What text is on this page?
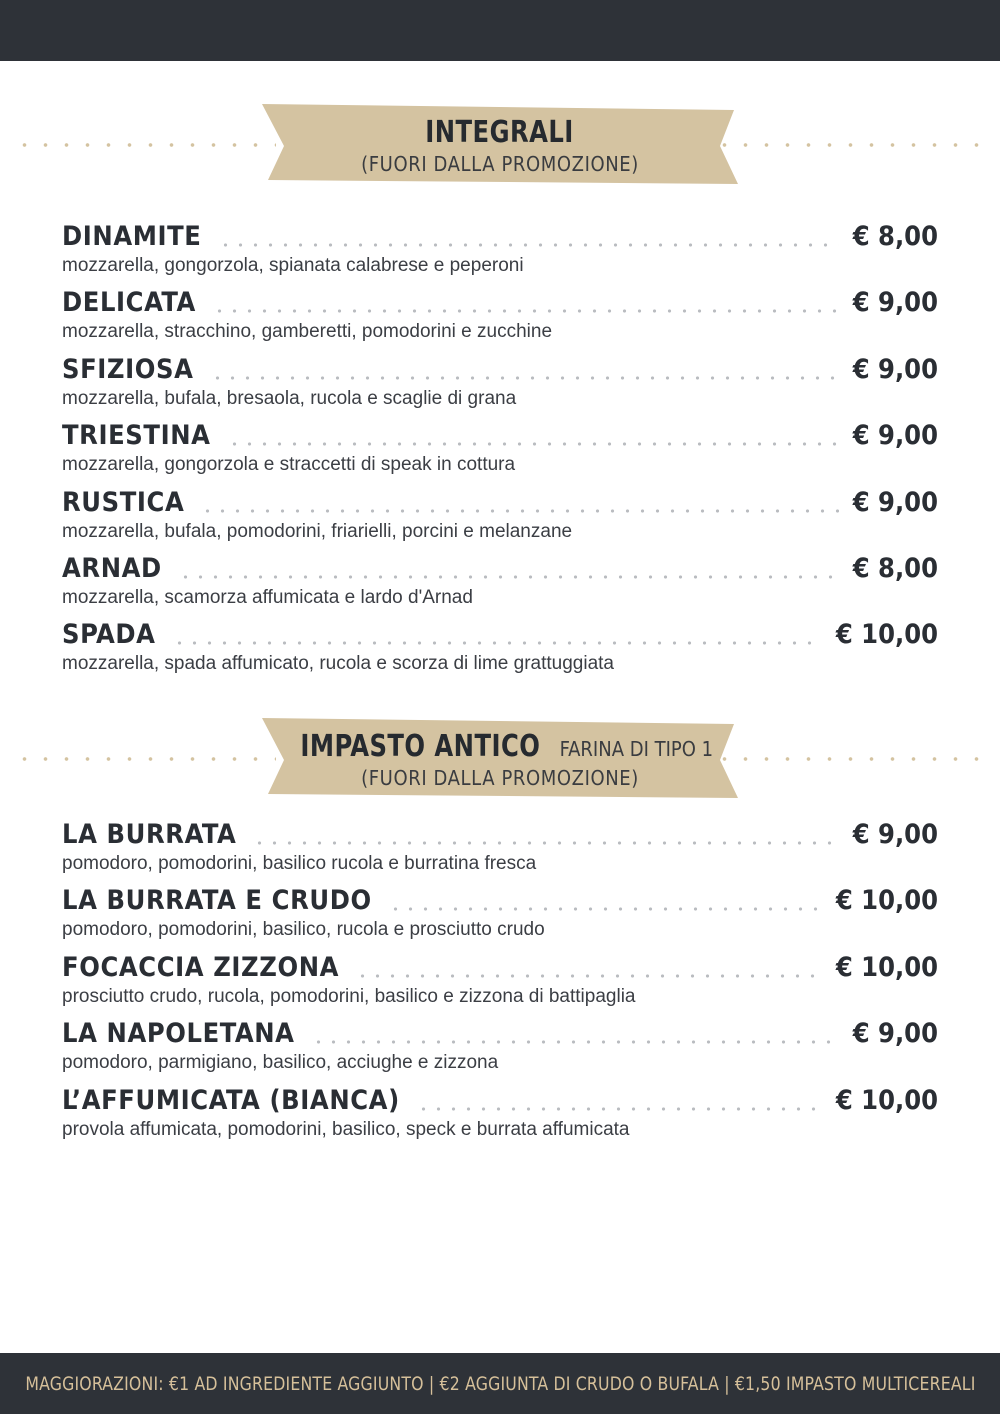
INTEGRALI
(FUORI DALLA PROMOZIONE)
DINAMITE	€ 8,00
mozzarella, gongorzola, spianata calabrese e peperoni
DELICATA	€ 9,00
mozzarella, stracchino, gamberetti, pomodorini e zucchine
SFIZIOSA	€ 9,00
mozzarella, bufala, bresaola, rucola e scaglie di grana
TRIESTINA	€ 9,00
mozzarella, gongorzola e straccetti di speak in cottura
RUSTICA	€ 9,00
mozzarella, bufala, pomodorini, friarielli, porcini e melanzane
ARNAD	€ 8,00
mozzarella, scamorza affumicata e lardo d'Arnad
SPADA	€ 10,00
mozzarella, spada affumicato, rucola e scorza di lime grattuggiata
IMPASTO ANTICO FARINA DI TIPO 1
(FUORI DALLA PROMOZIONE)
LA BURRATA	€ 9,00
pomodoro, pomodorini, basilico rucola e burratina fresca
LA BURRATA E CRUDO	€ 10,00
pomodoro, pomodorini, basilico, rucola e prosciutto crudo
FOCACCIA ZIZZONA	€ 10,00
prosciutto crudo, rucola, pomodorini, basilico e zizzona di battipaglia
LA NAPOLETANA	€ 9,00
pomodoro, parmigiano, basilico, acciughe e zizzona
L’AFFUMICATA (BIANCA)	€ 10,00
provola affumicata, pomodorini, basilico, speck e burrata affumicata
MAGGIORAZIONI: €1 AD INGREDIENTE AGGIUNTO | €2 AGGIUNTA DI CRUDO O BUFALA | €1,50 IMPASTO MULTICEREALI
